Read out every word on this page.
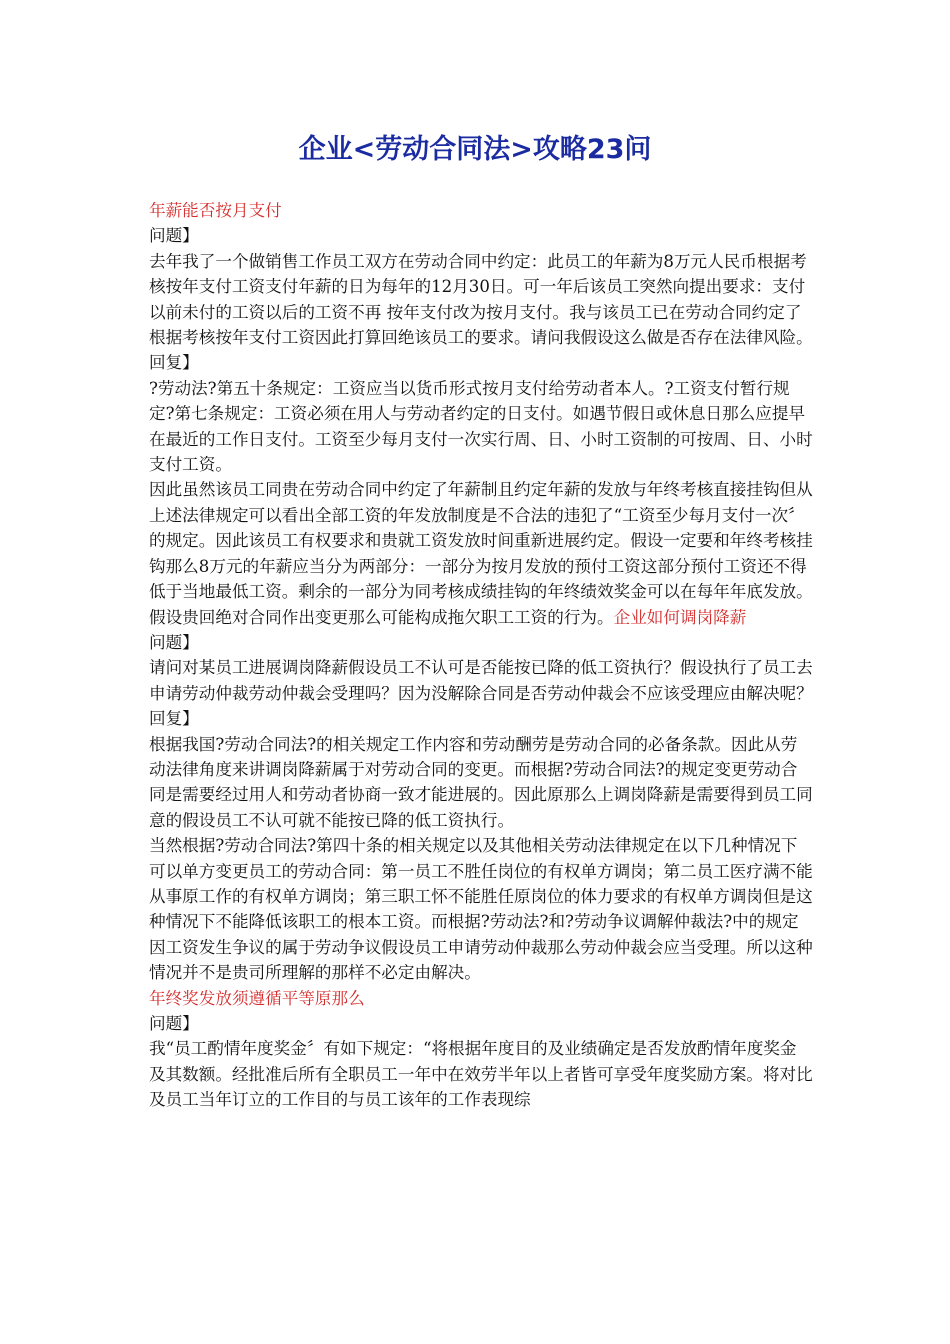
企业<劳动合同法>攻略23问

年薪能否按月支付

问题】

去年我了一个做销售工作员工双方在劳动合同中约定：此员工的年薪为8万元人民币根据考核按年支付工资支付年薪的日为每年的12月30日。可一年后该员工突然向提出要求：支付以前未付的工资以后的工资不再 按年支付改为按月支付。我与该员工已在劳动合同约定了根据考核按年支付工资因此打算回绝该员工的要求。请问我假设这么做是否存在法律风险。

回复】

?劳动法?第五十条规定：工资应当以货币形式按月支付给劳动者本人。?工资支付暂行规定?第七条规定：工资必须在用人与劳动者约定的日支付。如遇节假日或休息日那么应提早在最近的工作日支付。工资至少每月支付一次实行周、日、小时工资制的可按周、日、小时支付工资。

因此虽然该员工同贵在劳动合同中约定了年薪制且约定年薪的发放与年终考核直接挂钩但从上述法律规定可以看出全部工资的年发放制度是不合法的违犯了“工资至少每月支付一次〞的规定。因此该员工有权要求和贵就工资发放时间重新进展约定。假设一定要和年终考核挂钩那么8万元的年薪应当分为两部分：一部分为按月发放的预付工资这部分预付工资还不得低于当地最低工资。剩余的一部分为同考核成绩挂钩的年终绩效奖金可以在每年年底发放。假设贵回绝对合同作出变更那么可能构成拖欠职工工资的行为。企业如何调岗降薪

问题】

请问对某员工进展调岗降薪假设员工不认可是否能按已降的低工资执行？假设执行了员工去申请劳动仲裁劳动仲裁会受理吗？因为没解除合同是否劳动仲裁会不应该受理应由解决呢？

回复】

根据我国?劳动合同法?的相关规定工作内容和劳动酬劳是劳动合同的必备条款。因此从劳动法律角度来讲调岗降薪属于对劳动合同的变更。而根据?劳动合同法?的规定变更劳动合同是需要经过用人和劳动者协商一致才能进展的。因此原那么上调岗降薪是需要得到员工同意的假设员工不认可就不能按已降的低工资执行。

当然根据?劳动合同法?第四十条的相关规定以及其他相关劳动法律规定在以下几种情况下可以单方变更员工的劳动合同：第一员工不胜任岗位的有权单方调岗；第二员工医疗满不能从事原工作的有权单方调岗；第三职工怀不能胜任原岗位的体力要求的有权单方调岗但是这种情况下不能降低该职工的根本工资。而根据?劳动法?和?劳动争议调解仲裁法?中的规定因工资发生争议的属于劳动争议假设员工申请劳动仲裁那么劳动仲裁会应当受理。所以这种情况并不是贵司所理解的那样不必定由解决。

年终奖发放须遵循平等原那么

问题】

我“员工酌情年度奖金〞有如下规定：“将根据年度目的及业绩确定是否发放酌情年度奖金及其数额。经批准后所有全职员工一年中在效劳半年以上者皆可享受年度奖励方案。将对比及员工当年订立的工作目的与员工该年的工作表现综
